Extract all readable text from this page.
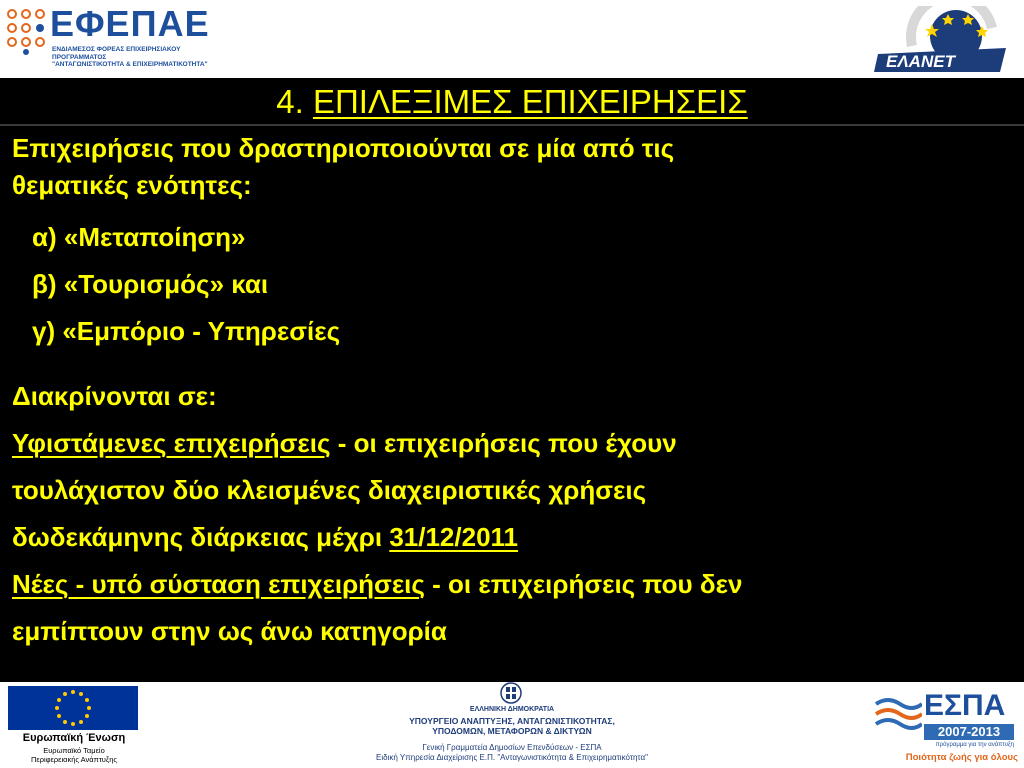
ΕΦΕΠΑΕ
ΕΝΔΙΑΜΕΣΟΣ ΦΟΡΕΑΣ ΕΠΙΧΕΙΡΗΣΙΑΚΟΥ ΠΡΟΓΡΑΜΜΑΤΟΣ
"ΑΝΤΑΓΩΝΙΣΤΙΚΟΤΗΤΑ & ΕΠΙΧΕΙΡΗΜΑΤΙΚΟΤΗΤΑ"	ΕΛΑΝΕΤ
4. ΕΠΙΛΕΞΙΜΕΣ ΕΠΙΧΕΙΡΗΣΕΙΣ

Επιχειρήσεις που δραστηριοποιούνται σε μία από τις

θεματικές ενότητες:

α) «Μεταποίηση»

β) «Τουρισμός» και

γ) «Εμπόριο - Υπηρεσίες

Διακρίνονται σε:

Υφιστάμενες επιχειρήσεις - οι επιχειρήσεις που έχουν

τουλάχιστον δύο κλεισμένες διαχειριστικές χρήσεις

δωδεκάμηνης διάρκειας μέχρι 31/12/2011

Νέες - υπό σύσταση επιχειρήσεις - οι επιχειρήσεις που δεν

εμπίπτουν στην ως άνω κατηγορία

Ευρωπαϊκή Ένωση
Ευρωπαϊκό Ταμείο
Περιφερειακής Ανάπτυξης
ΕΛΛΗΝΙΚΗ ΔΗΜΟΚΡΑΤΙΑ
ΥΠΟΥΡΓΕΙΟ ΑΝΑΠΤΥΞΗΣ, ΑΝΤΑΓΩΝΙΣΤΙΚΟΤΗΤΑΣ,
ΥΠΟΔΟΜΩΝ, ΜΕΤΑΦΟΡΩΝ & ΔΙΚΤΥΩΝ
Γενική Γραμματεία Δημοσίων Επενδύσεων - ΕΣΠΑ
Ειδική Υπηρεσία Διαχείρισης Ε.Π. "Ανταγωνιστικότητα & Επιχειρηματικότητα"
ΕΣΠΑ
2007-2013
πρόγραμμα για την ανάπτυξη
Ποιότητα ζωής για όλους
